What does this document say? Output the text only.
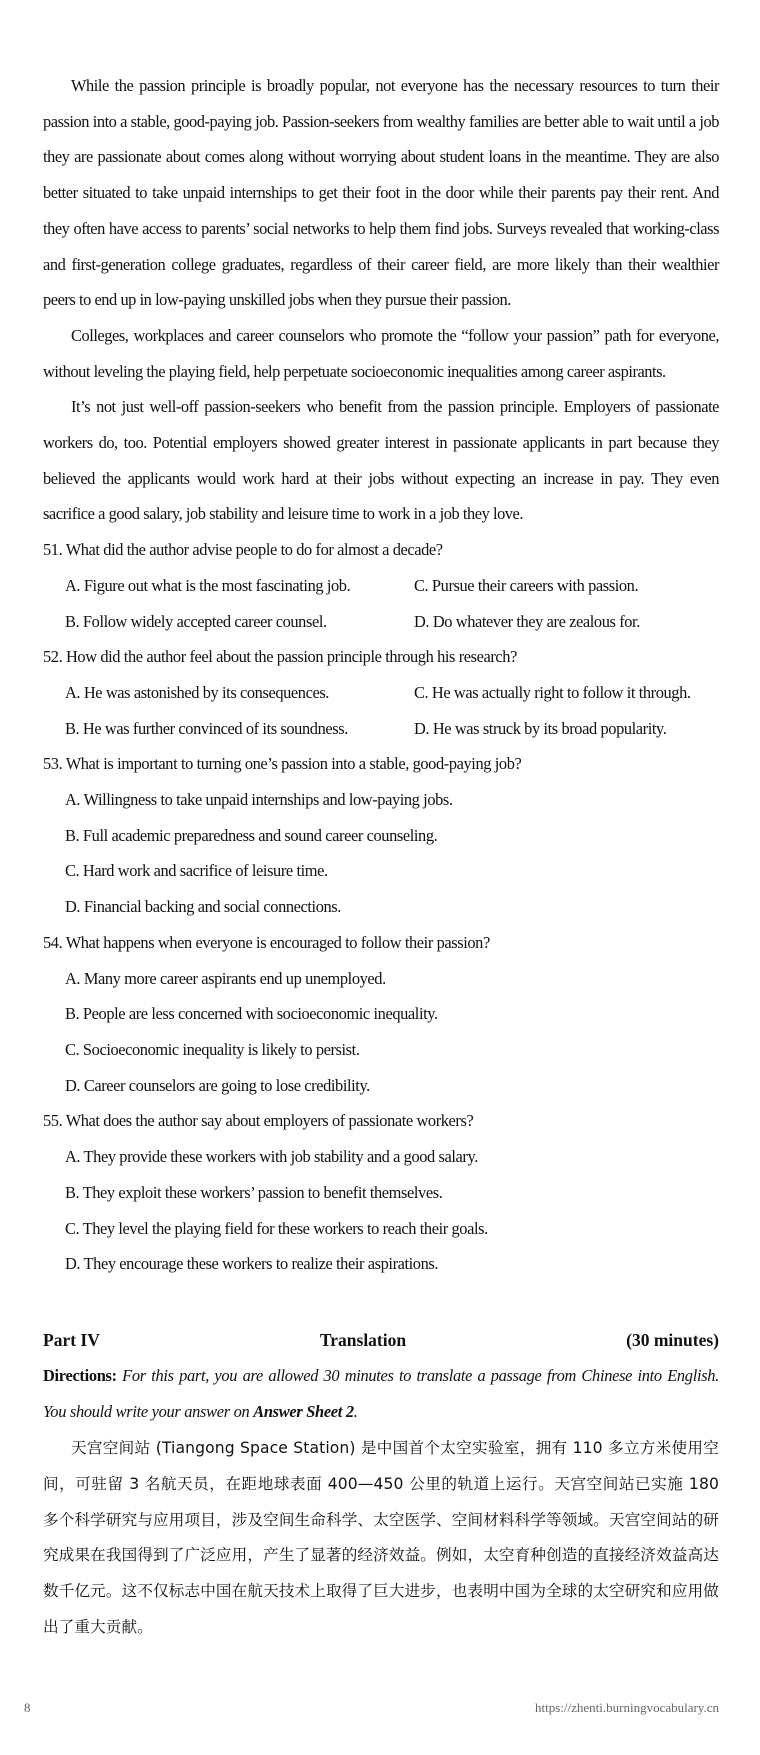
While the passion principle is broadly popular, not everyone has the necessary resources to turn their passion into a stable, good-paying job. Passion-seekers from wealthy families are better able to wait until a job they are passionate about comes along without worrying about student loans in the meantime. They are also better situated to take unpaid internships to get their foot in the door while their parents pay their rent. And they often have access to parents’ social networks to help them find jobs. Surveys revealed that working-class and first-generation college graduates, regardless of their career field, are more likely than their wealthier peers to end up in low-paying unskilled jobs when they pursue their passion.

Colleges, workplaces and career counselors who promote the “follow your passion” path for everyone, without leveling the playing field, help perpetuate socioeconomic inequalities among career aspirants.

It’s not just well-off passion-seekers who benefit from the passion principle. Employers of passionate workers do, too. Potential employers showed greater interest in passionate applicants in part because they believed the applicants would work hard at their jobs without expecting an increase in pay. They even sacrifice a good salary, job stability and leisure time to work in a job they love.

51. What did the author advise people to do for almost a decade?
A. Figure out what is the most fascinating job.	C. Pursue their careers with passion.
B. Follow widely accepted career counsel.	D. Do whatever they are zealous for.
52. How did the author feel about the passion principle through his research?
A. He was astonished by its consequences.	C. He was actually right to follow it through.
B. He was further convinced of its soundness.	D. He was struck by its broad popularity.
53. What is important to turning one’s passion into a stable, good-paying job?
A. Willingness to take unpaid internships and low-paying jobs.
B. Full academic preparedness and sound career counseling.
C. Hard work and sacrifice of leisure time.
D. Financial backing and social connections.
54. What happens when everyone is encouraged to follow their passion?
A. Many more career aspirants end up unemployed.
B. People are less concerned with socioeconomic inequality.
C. Socioeconomic inequality is likely to persist.
D. Career counselors are going to lose credibility.
55. What does the author say about employers of passionate workers?
A. They provide these workers with job stability and a good salary.
B. They exploit these workers’ passion to benefit themselves.
C. They level the playing field for these workers to reach their goals.
D. They encourage these workers to realize their aspirations.
Part IV	Translation	(30 minutes)

Directions: For this part, you are allowed 30 minutes to translate a passage from Chinese into English. You should write your answer on Answer Sheet 2.

天宫空间站 (Tiangong Space Station) 是中国首个太空实验室，拥有 110 多立方米使用空间，可驻留 3 名航天员，在距地球表面 400—450 公里的轨道上运行。天宫空间站已实施 180 多个科学研究与应用项目，涉及空间生命科学、太空医学、空间材料科学等领域。天宫空间站的研究成果在我国得到了广泛应用，产生了显著的经济效益。例如，太空育种创造的直接经济效益高达数千亿元。这不仅标志中国在航天技术上取得了巨大进步，也表明中国为全球的太空研究和应用做出了重大贡献。

8	https://zhenti.burningvocabulary.cn
